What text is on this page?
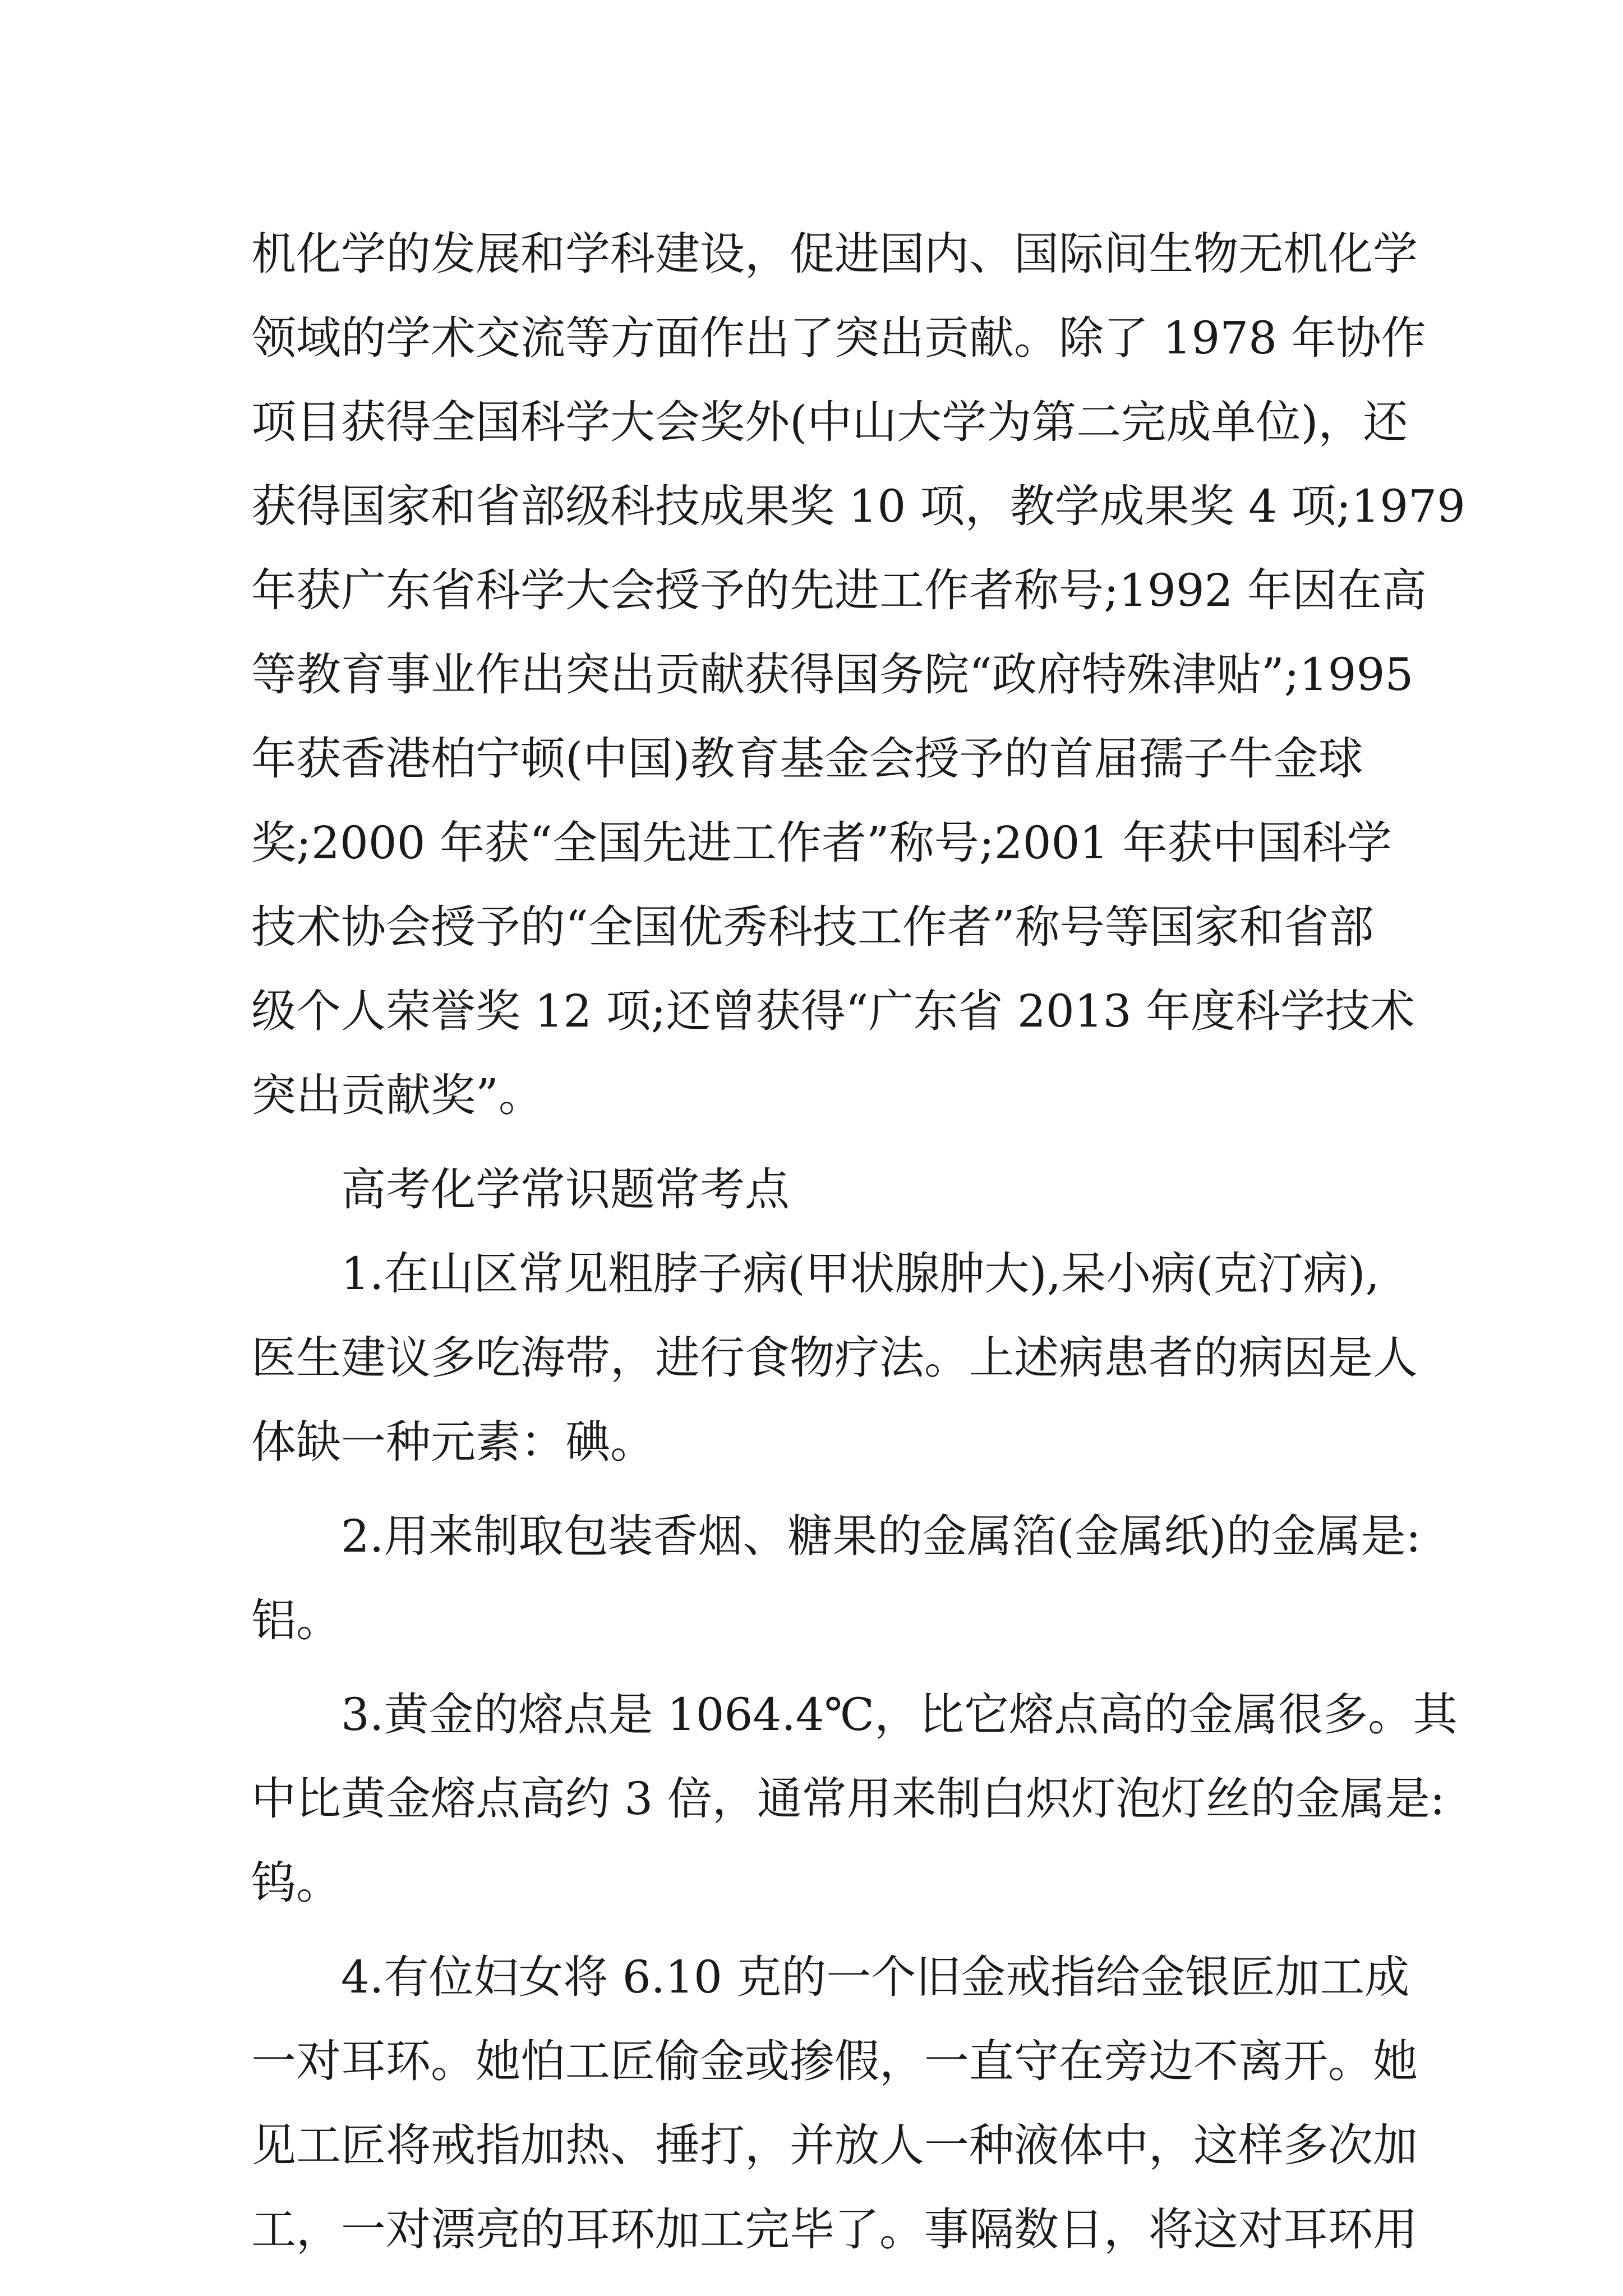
机化学的发展和学科建设，促进国内、国际间生物无机化学
领域的学术交流等方面作出了突出贡献。除了 1978 年协作
项目获得全国科学大会奖外(中山大学为第二完成单位)，还
获得国家和省部级科技成果奖 10 项，教学成果奖 4 项;1979
年获广东省科学大会授予的先进工作者称号;1992 年因在高
等教育事业作出突出贡献获得国务院“政府特殊津贴”;1995
年获香港柏宁顿(中国)教育基金会授予的首届孺子牛金球
奖;2000 年获“全国先进工作者”称号;2001 年获中国科学
技术协会授予的“全国优秀科技工作者”称号等国家和省部
级个人荣誉奖 12 项;还曾获得“广东省 2013 年度科学技术
突出贡献奖”。
高考化学常识题常考点
1.在山区常见粗脖子病(甲状腺肿大),呆小病(克汀病),
医生建议多吃海带，进行食物疗法。上述病患者的病因是人
体缺一种元素：碘。
2.用来制取包装香烟、糖果的金属箔(金属纸)的金属是:
铝。
3.黄金的熔点是 1064.4℃，比它熔点高的金属很多。其
中比黄金熔点高约 3 倍，通常用来制白炽灯泡灯丝的金属是:
钨。
4.有位妇女将 6.10 克的一个旧金戒指给金银匠加工成
一对耳环。她怕工匠偷金或掺假，一直守在旁边不离开。她
见工匠将戒指加热、捶打，并放人一种液体中，这样多次加
工，一对漂亮的耳环加工完毕了。事隔数日，将这对耳环用
